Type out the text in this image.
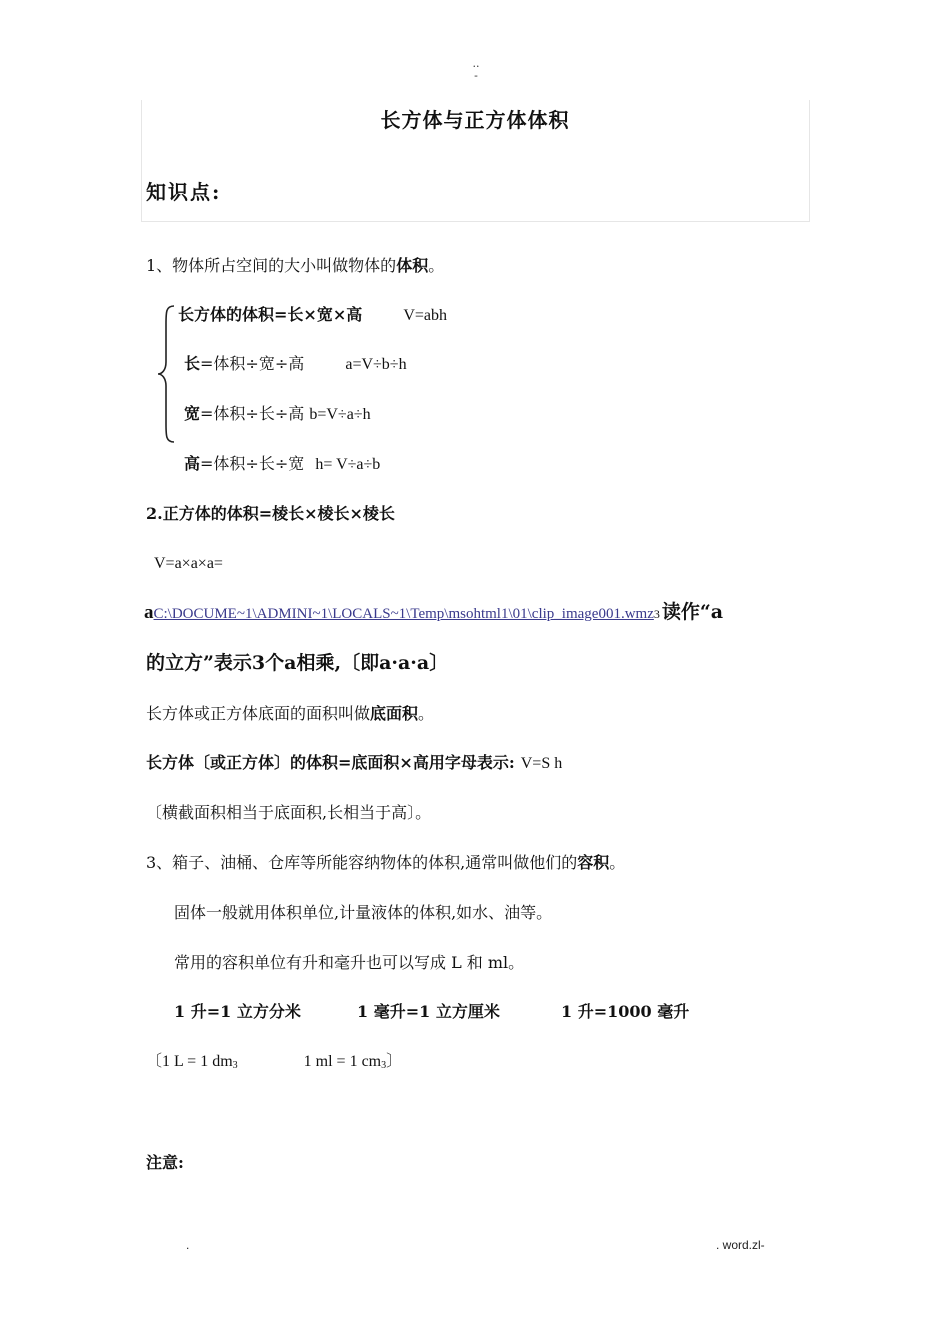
..
-
长方体与正方体体积
知识点:
1、物体所占空间的大小叫做物体的体积。
长方体的体积=长×宽×高	V=abh
长=体积÷宽÷高	a=V÷b÷h
宽=体积÷长÷高 b=V÷a÷h
高=体积÷长÷宽 h= V÷a÷b
2.正方体的体积=棱长×棱长×棱长
V=a×a×a=
aC:\DOCUME~1\ADMINI~1\LOCALS~1\Temp\msohtml1\01\clip_image001.wmz3 读作“a
的立方”表示3个a相乘,〔即a·a·a〕
长方体或正方体底面的面积叫做底面积。
长方体〔或正方体〕的体积=底面积×高用字母表示: V=S h
〔横截面积相当于底面积,长相当于高〕。
3、箱子、油桶、仓库等所能容纳物体的体积,通常叫做他们的容积。
固体一般就用体积单位,计量液体的体积,如水、油等。
常用的容积单位有升和毫升也可以写成 L 和 ml。
1 升=1 立方分米	1 毫升=1 立方厘米	1 升=1000 毫升
〔1 L = 1 $dm_3$	1 ml = 1 $cm_3$〕
注意:
.	. word.zl-
